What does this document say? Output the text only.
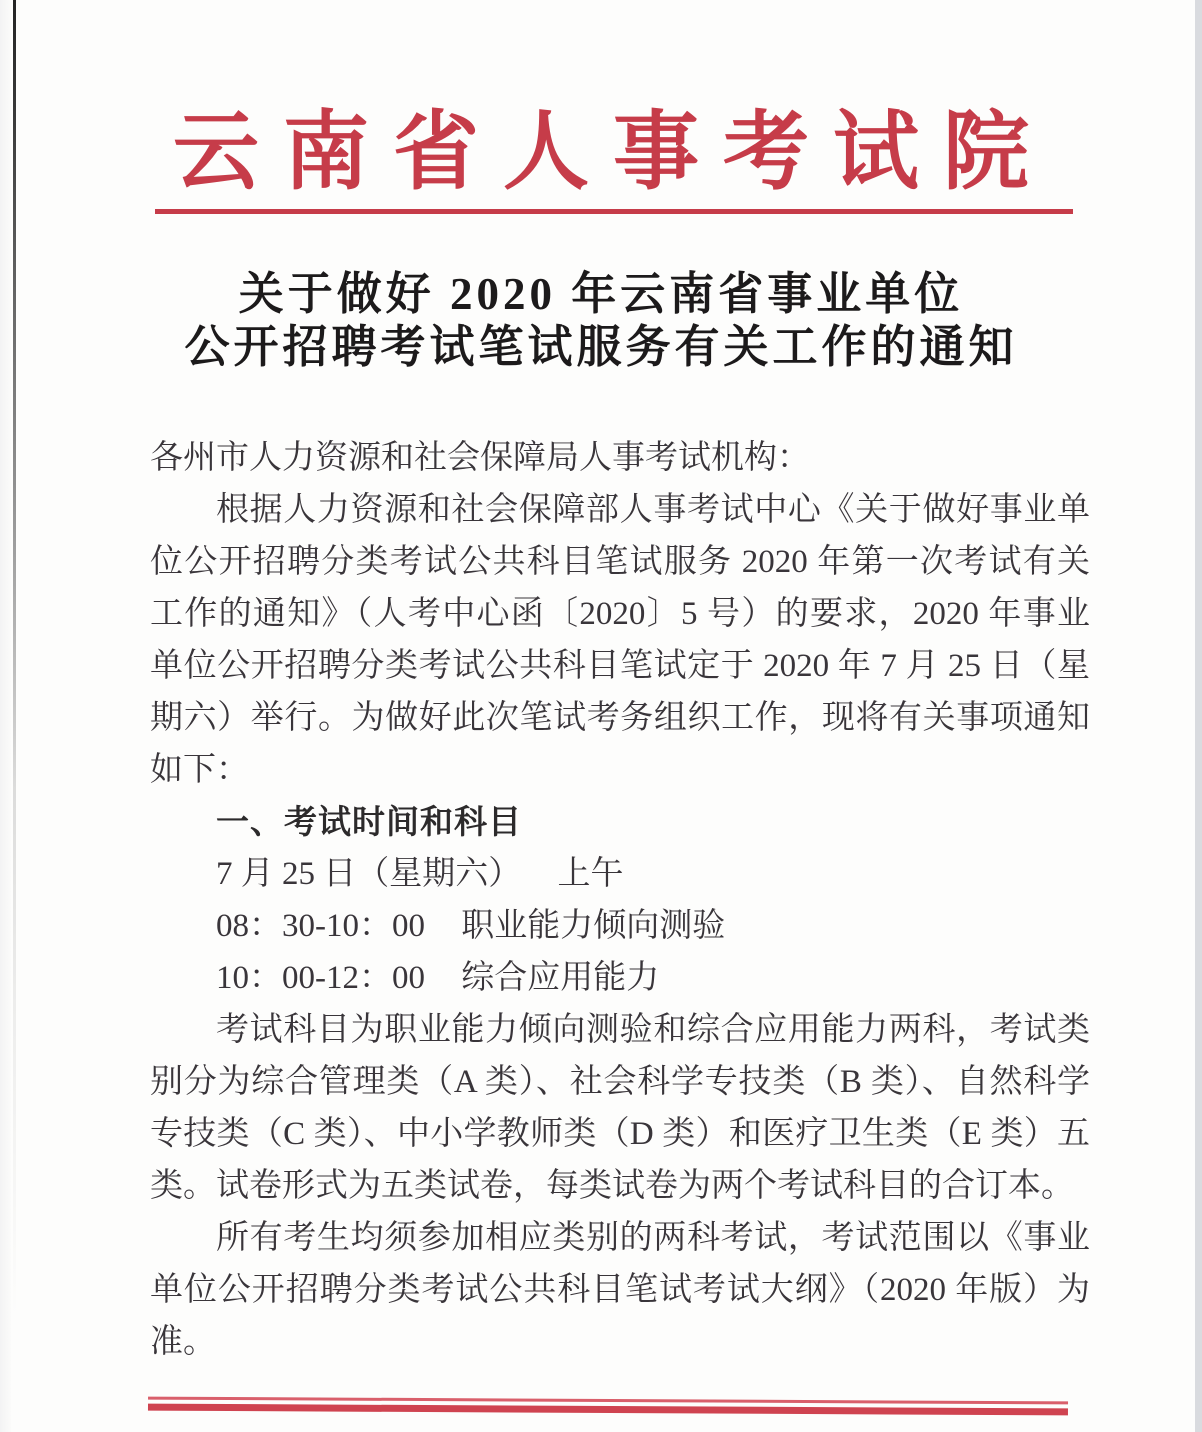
云南省人事考试院
关于做好 2020 年云南省事业单位
公开招聘考试笔试服务有关工作的通知

各州市人力资源和社会保障局人事考试机构：

根据人力资源和社会保障部人事考试中心《关于做好事业单位公开招聘分类考试公共科目笔试服务 2020 年第一次考试有关工作的通知》（人考中心函〔2020〕5 号）的要求，2020 年事业单位公开招聘分类考试公共科目笔试定于 2020 年 7 月 25 日（星期六）举行。为做好此次笔试考务组织工作，现将有关事项通知如下：

一、考试时间和科目

7 月 25 日（星期六） 上午

08：30-10：00 职业能力倾向测验

10：00-12：00 综合应用能力

考试科目为职业能力倾向测验和综合应用能力两科，考试类别分为综合管理类（A 类）、社会科学专技类（B 类）、自然科学专技类（C 类）、中小学教师类（D 类）和医疗卫生类（E 类）五类。试卷形式为五类试卷，每类试卷为两个考试科目的合订本。

所有考生均须参加相应类别的两科考试，考试范围以《事业单位公开招聘分类考试公共科目笔试考试大纲》（2020 年版）为准。
